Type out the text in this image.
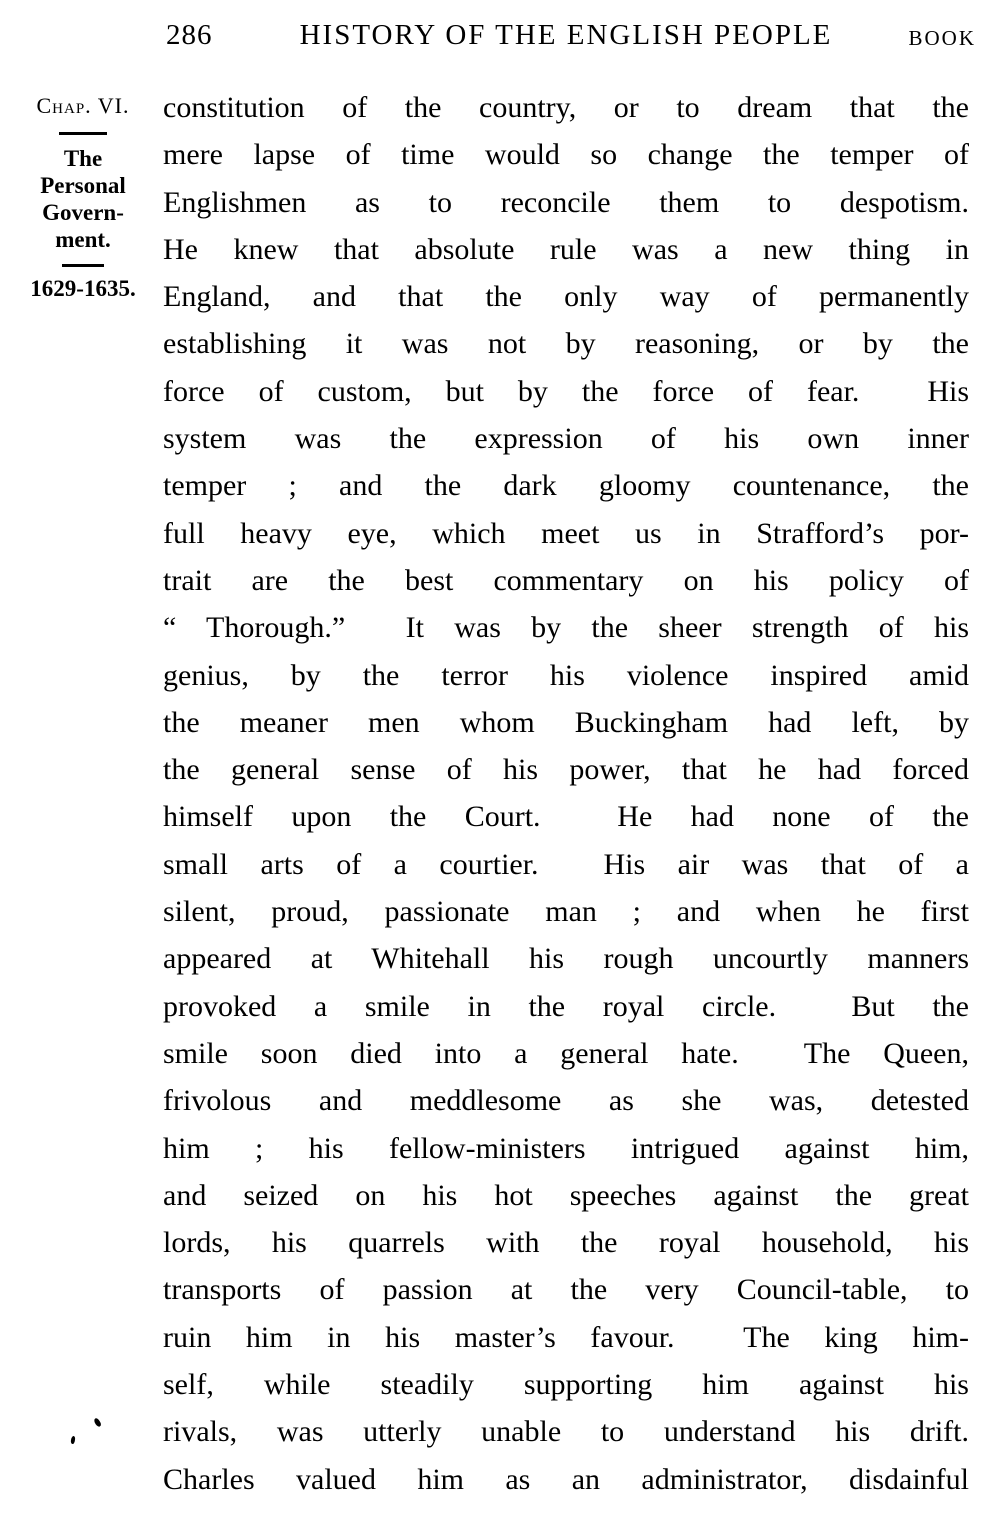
286	HISTORY OF THE ENGLISH PEOPLE	BOOK
Chap. VI.
The
Personal
Govern-
ment.
1629-1635.
constitution of the country, or to dream that the
mere lapse of time would so change the temper of
Englishmen as to reconcile them to despotism.
He knew that absolute rule was a new thing in
England, and that the only way of permanently
establishing it was not by reasoning, or by the
force of custom, but by the force of fear.  His
system was the expression of his own inner
temper ; and the dark gloomy countenance, the
full heavy eye, which meet us in Strafford’s por-
trait are the best commentary on his policy of
“ Thorough.”  It was by the sheer strength of his
genius, by the terror his violence inspired amid
the meaner men whom Buckingham had left, by
the general sense of his power, that he had forced
himself upon the Court.  He had none of the
small arts of a courtier.  His air was that of a
silent, proud, passionate man ; and when he first
appeared at Whitehall his rough uncourtly manners
provoked a smile in the royal circle.  But the
smile soon died into a general hate.  The Queen,
frivolous and meddlesome as she was, detested
him ; his fellow-ministers intrigued against him,
and seized on his hot speeches against the great
lords, his quarrels with the royal household, his
transports of passion at the very Council-table, to
ruin him in his master’s favour.  The king him-
self, while steadily supporting him against his
rivals, was utterly unable to understand his drift.
Charles valued him as an administrator, disdainful
